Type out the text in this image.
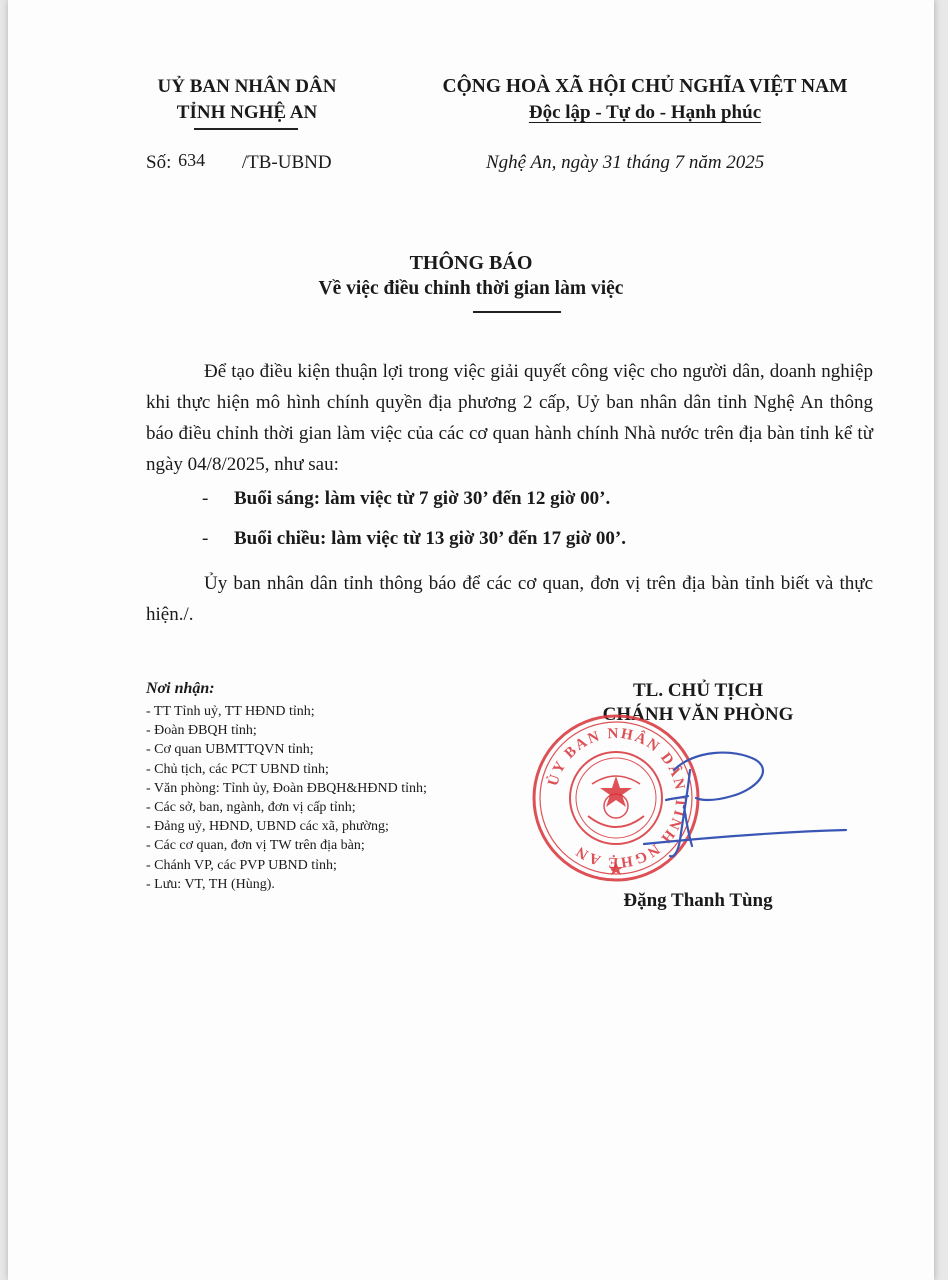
UỶ BAN NHÂN DÂN
TỈNH NGHỆ AN
CỘNG HOÀ XÃ HỘI CHỦ NGHĨA VIỆT NAM
Độc lập - Tự do - Hạnh phúc
Số: 634 /TB-UBND	Nghệ An, ngày 31 tháng 7 năm 2025
THÔNG BÁO
Về việc điều chỉnh thời gian làm việc
Để tạo điều kiện thuận lợi trong việc giải quyết công việc cho người dân, doanh nghiệp khi thực hiện mô hình chính quyền địa phương 2 cấp, Uỷ ban nhân dân tỉnh Nghệ An thông báo điều chỉnh thời gian làm việc của các cơ quan hành chính Nhà nước trên địa bàn tỉnh kể từ ngày 04/8/2025, như sau:
- Buổi sáng: làm việc từ 7 giờ 30’ đến 12 giờ 00’.
- Buổi chiều: làm việc từ 13 giờ 30’ đến 17 giờ 00’.
Ủy ban nhân dân tỉnh thông báo để các cơ quan, đơn vị trên địa bàn tỉnh biết và thực hiện./.
Nơi nhận:
- TT Tỉnh uỷ, TT HĐND tỉnh;
- Đoàn ĐBQH tỉnh;
- Cơ quan UBMTTQVN tỉnh;
- Chủ tịch, các PCT UBND tỉnh;
- Văn phòng: Tỉnh ủy, Đoàn ĐBQH&HĐND tỉnh;
- Các sở, ban, ngành, đơn vị cấp tỉnh;
- Đảng uỷ, HĐND, UBND các xã, phường;
- Các cơ quan, đơn vị TW trên địa bàn;
- Chánh VP, các PVP UBND tỉnh;
- Lưu: VT, TH (Hùng).
TL. CHỦ TỊCH
CHÁNH VĂN PHÒNG
ỦY BAN NHÂN DÂN TỈNH NGHỆ AN
Đặng Thanh Tùng
